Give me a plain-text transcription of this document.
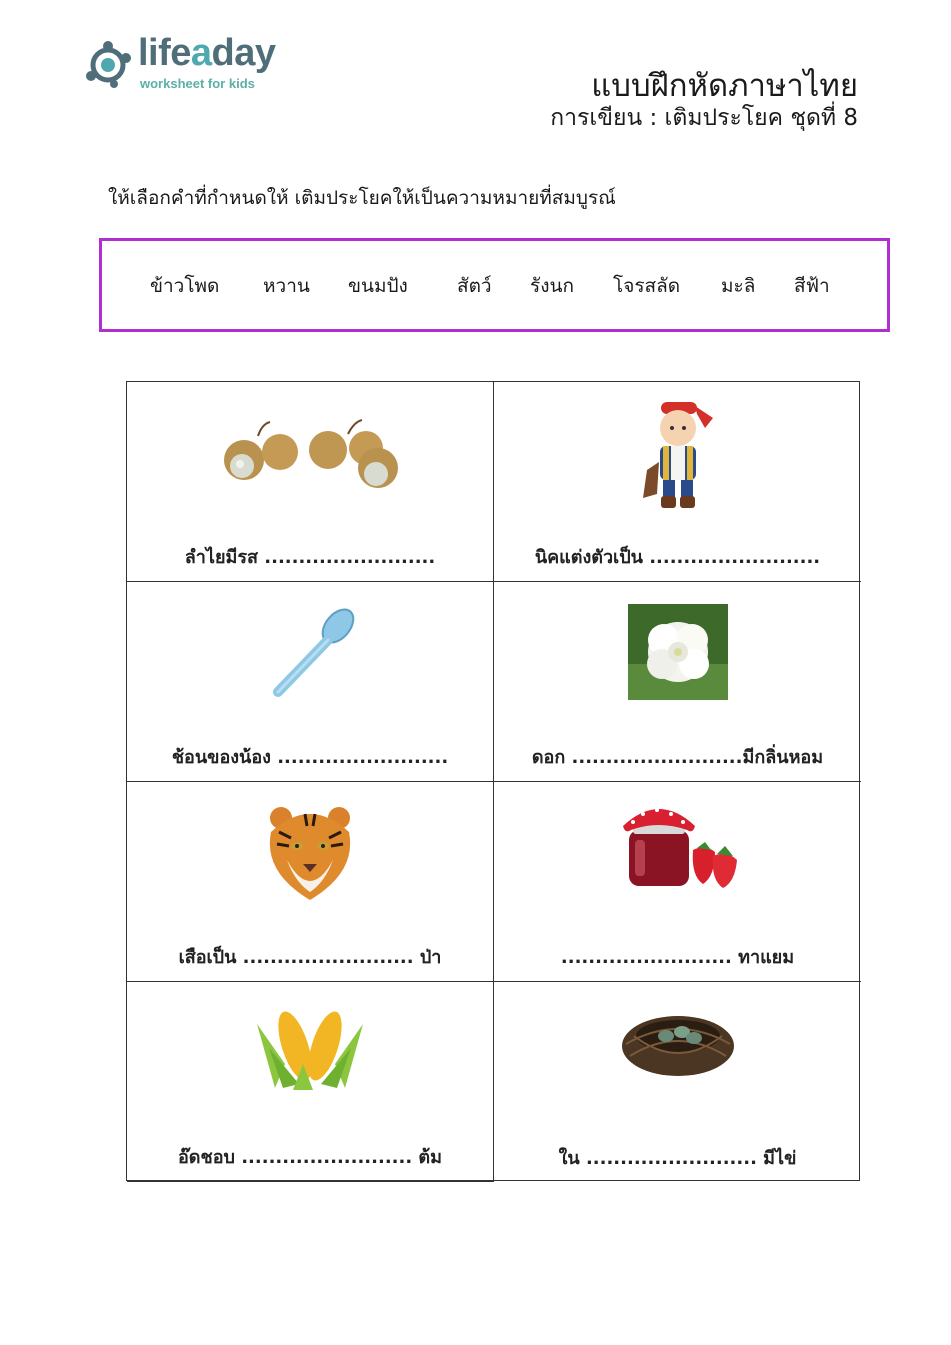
lifeaday
worksheet for kids	แบบฝึกหัดภาษาไทย
การเขียน : เติมประโยค ชุดที่ 8
ให้เลือกคำที่กำหนดให้ เติมประโยคให้เป็นความหมายที่สมบูรณ์
ข้าวโพด หวาน ขนมปัง	สัตว์ รังนก โจรสลัด มะลิ สีฟ้า
ลำไยมีรส .........................	นิคแต่งตัวเป็น .........................
ช้อนของน้อง .........................	ดอก .........................มีกลิ่นหอม
เสือเป็น ......................... ป่า	......................... ทาแยม
อ๊ดชอบ ......................... ต้ม	ใน ......................... มีไข่
